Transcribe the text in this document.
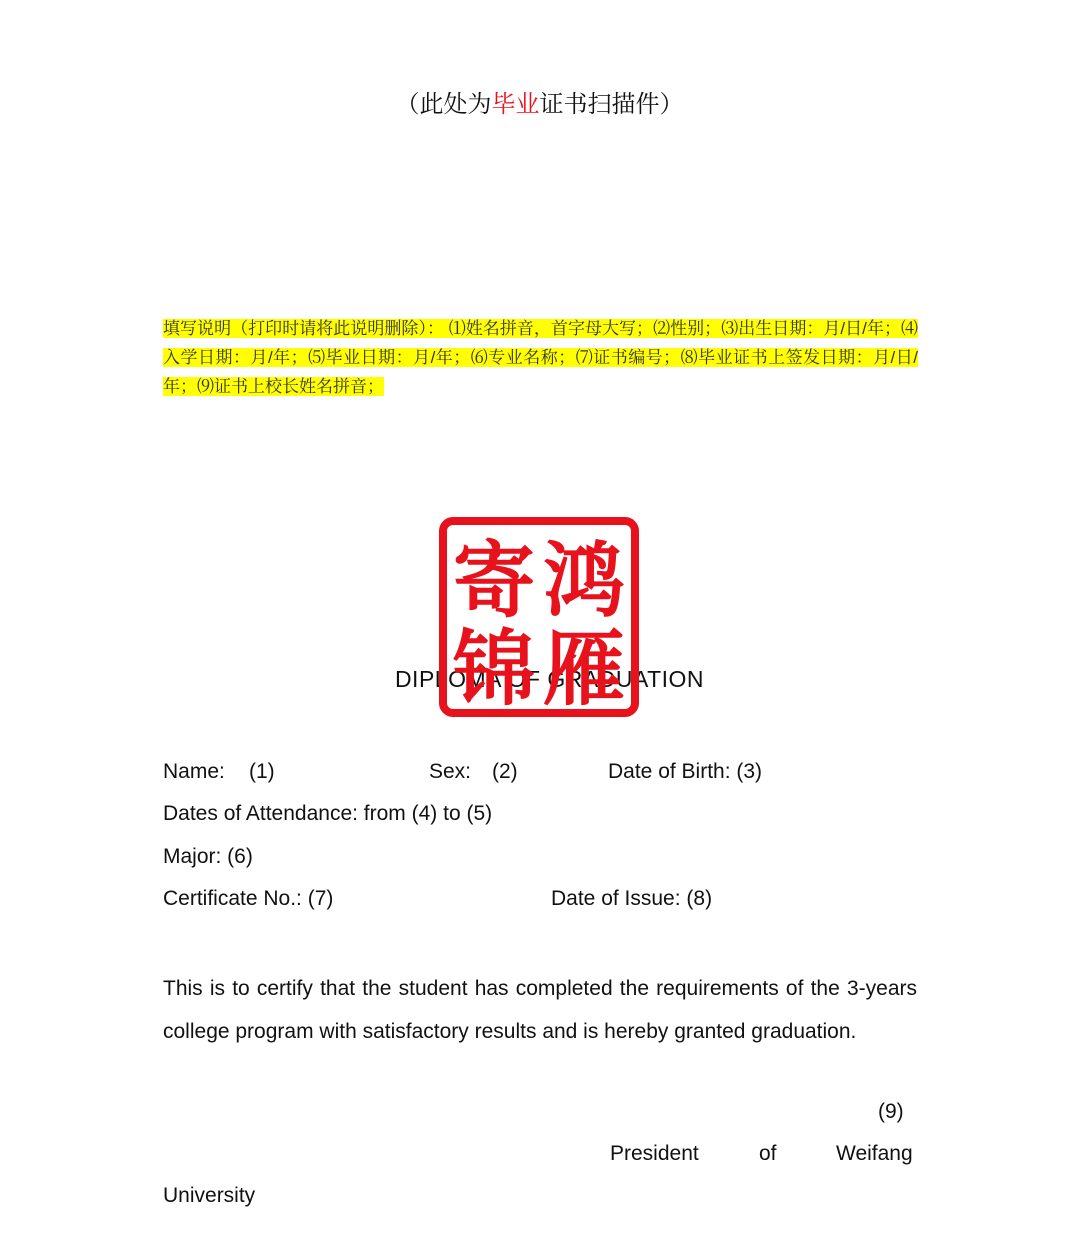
（此处为毕业证书扫描件）
填写说明（打印时请将此说明删除）： ⑴姓名拼音，首字母大写；⑵性别；⑶出生日期：月/日/年；⑷入学日期：月/年；⑸毕业日期：月/年；⑹专业名称；⑺证书编号；⑻毕业证书上签发日期：月/日/年；⑼证书上校长姓名拼音；
DIPLOMA OF GRADUATION
鸿
雁
寄
锦
Name: (1)	Sex: (2)	Date of Birth: (3)
Dates of Attendance: from (4) to (5)
Major: (6)
Certificate No.: (7)	Date of Issue: (8)
This is to certify that the student has completed the requirements of the 3-years college program with satisfactory results and is hereby granted graduation.
(9)
President	of	Weifang
University
